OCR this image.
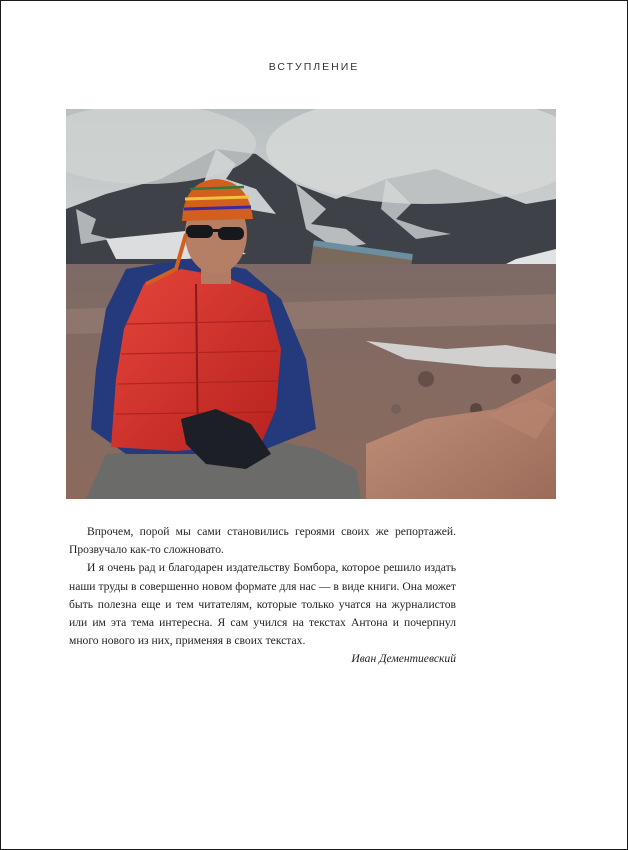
ВСТУПЛЕНИЕ

Впрочем, порой мы сами становились героями своих же репортажей. Прозвучало как-то сложновато.

И я очень рад и благодарен издательству Бомбора, которое решило издать наши труды в совершенно новом формате для нас — в виде книги. Она может быть полезна еще и тем читателям, которые только учатся на журналистов или им эта тема интересна. Я сам учился на текстах Антона и почерпнул много нового из них, применяя в своих текстах.

Иван Дементиевский
